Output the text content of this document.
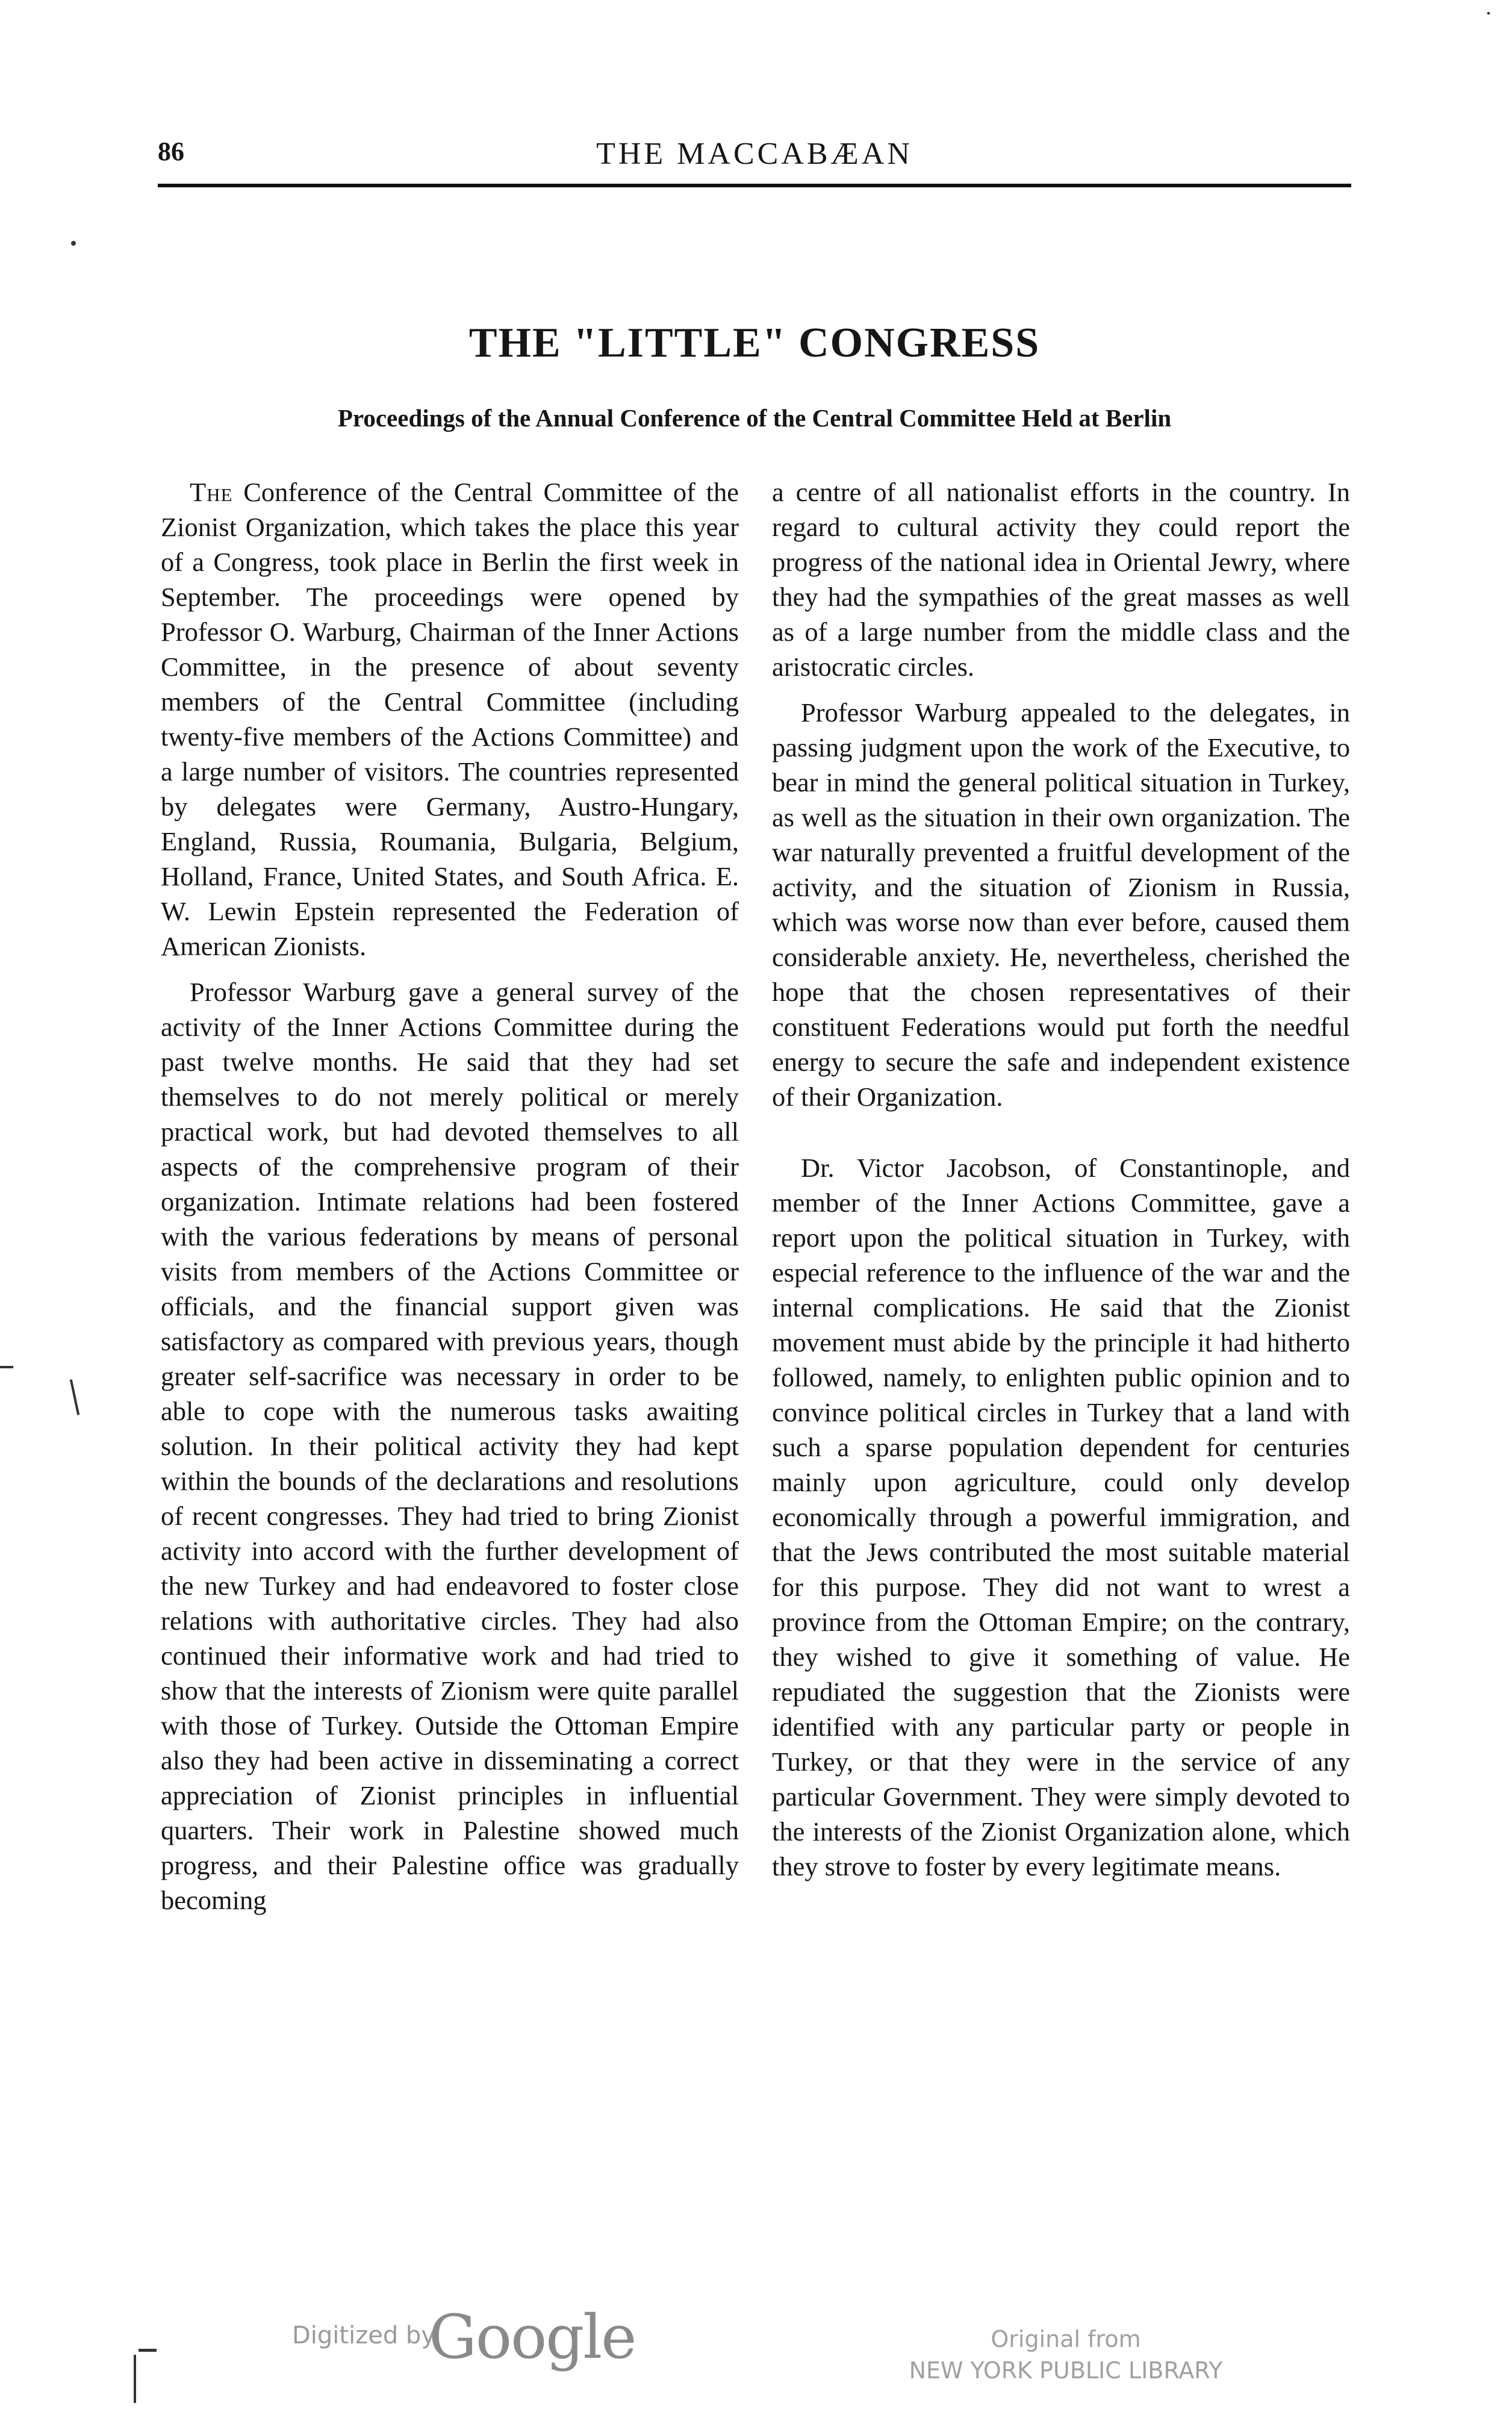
86	THE MACCABÆAN
THE "LITTLE" CONGRESS
Proceedings of the Annual Conference of the Central Committee Held at Berlin

The Conference of the Central Committee of the Zionist Organization, which takes the place this year of a Congress, took place in Berlin the first week in September. The proceedings were opened by Professor O. Warburg, Chairman of the Inner Actions Committee, in the presence of about seventy members of the Central Committee (including twenty-five members of the Actions Committee) and a large number of visitors. The countries represented by delegates were Germany, Austro-Hungary, England, Russia, Roumania, Bulgaria, Belgium, Holland, France, United States, and South Africa. E. W. Lewin Epstein represented the Federation of American Zionists.

Professor Warburg gave a general survey of the activity of the Inner Actions Committee during the past twelve months. He said that they had set themselves to do not merely political or merely practical work, but had devoted themselves to all aspects of the comprehensive program of their organization. Intimate relations had been fostered with the various federations by means of personal visits from members of the Actions Committee or officials, and the financial support given was satisfactory as compared with previous years, though greater self-sacrifice was necessary in order to be able to cope with the numerous tasks awaiting solution. In their political activity they had kept within the bounds of the declarations and resolutions of recent congresses. They had tried to bring Zionist activity into accord with the further development of the new Turkey and had endeavored to foster close relations with authoritative circles. They had also continued their informative work and had tried to show that the interests of Zionism were quite parallel with those of Turkey. Outside the Ottoman Empire also they had been active in disseminating a correct appreciation of Zionist principles in influential quarters. Their work in Palestine showed much progress, and their Palestine office was gradually becoming

a centre of all nationalist efforts in the country. In regard to cultural activity they could report the progress of the national idea in Oriental Jewry, where they had the sympathies of the great masses as well as of a large number from the middle class and the aristocratic circles.

Professor Warburg appealed to the delegates, in passing judgment upon the work of the Executive, to bear in mind the general political situation in Turkey, as well as the situation in their own organization. The war naturally prevented a fruitful development of the activity, and the situation of Zionism in Russia, which was worse now than ever before, caused them considerable anxiety. He, nevertheless, cherished the hope that the chosen representatives of their constituent Federations would put forth the needful energy to secure the safe and independent existence of their Organization.

Dr. Victor Jacobson, of Constantinople, and member of the Inner Actions Committee, gave a report upon the political situation in Turkey, with especial reference to the influence of the war and the internal complications. He said that the Zionist movement must abide by the principle it had hitherto followed, namely, to enlighten public opinion and to convince political circles in Turkey that a land with such a sparse population dependent for centuries mainly upon agriculture, could only develop economically through a powerful immigration, and that the Jews contributed the most suitable material for this purpose. They did not want to wrest a province from the Ottoman Empire; on the contrary, they wished to give it something of value. He repudiated the suggestion that the Zionists were identified with any particular party or people in Turkey, or that they were in the service of any particular Government. They were simply devoted to the interests of the Zionist Organization alone, which they strove to foster by every legitimate means.

Digitized by
Google	Original from
NEW YORK PUBLIC LIBRARY
